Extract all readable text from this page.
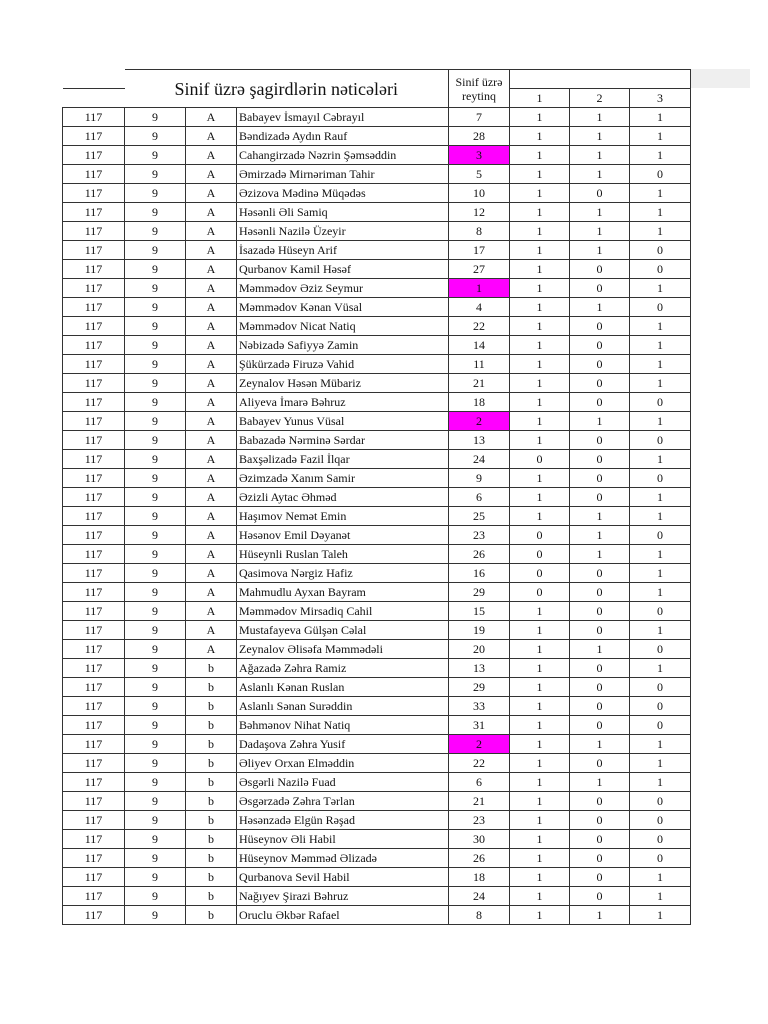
	Sinif üzrə şagirdlərin nəticələri			Sinif üzrə reytinq			
					1	2	3
117	9	A	Babayev İsmayıl Cəbrayıl	7	1	1	1
117	9	A	Bəndizadə Aydın Rauf	28	1	1	1
117	9	A	Cahangirzadə Nəzrin Şəmsəddin	3	1	1	1
117	9	A	Əmirzadə Mirnəriman Tahir	5	1	1	0
117	9	A	Əzizova Mədinə Müqədəs	10	1	0	1
117	9	A	Həsənli Əli Samiq	12	1	1	1
117	9	A	Həsənli Nazilə Üzeyir	8	1	1	1
117	9	A	İsazadə Hüseyn Arif	17	1	1	0
117	9	A	Qurbanov Kamil Həsəf	27	1	0	0
117	9	A	Məmmədov Əziz Seymur	1	1	0	1
117	9	A	Məmmədov Kənan Vüsal	4	1	1	0
117	9	A	Məmmədov Nicat Natiq	22	1	0	1
117	9	A	Nəbizadə Safiyyə Zamin	14	1	0	1
117	9	A	Şükürzadə Firuzə Vahid	11	1	0	1
117	9	A	Zeynalov Həsən Mübariz	21	1	0	1
117	9	A	Aliyeva İmarə Bəhruz	18	1	0	0
117	9	A	Babayev Yunus Vüsal	2	1	1	1
117	9	A	Babazadə Nərminə Sərdar	13	1	0	0
117	9	A	Baxşəlizadə Fazil İlqar	24	0	0	1
117	9	A	Əzimzadə Xanım Samir	9	1	0	0
117	9	A	Əzizli Aytac Əhməd	6	1	0	1
117	9	A	Haşımov Nemət Emin	25	1	1	1
117	9	A	Həsənov Emil Dəyanət	23	0	1	0
117	9	A	Hüseynli Ruslan Taleh	26	0	1	1
117	9	A	Qasimova Nərgiz Hafiz	16	0	0	1
117	9	A	Mahmudlu Ayxan Bayram	29	0	0	1
117	9	A	Məmmədov Mirsadiq Cahil	15	1	0	0
117	9	A	Mustafayeva Gülşən Cəlal	19	1	0	1
117	9	A	Zeynalov Əlisəfa Məmmədəli	20	1	1	0
117	9	b	Ağazadə Zəhra Ramiz	13	1	0	1
117	9	b	Aslanlı Kənan Ruslan	29	1	0	0
117	9	b	Aslanlı Sənan Surəddin	33	1	0	0
117	9	b	Bəhmənov Nihat Natiq	31	1	0	0
117	9	b	Dadaşova Zəhra Yusif	2	1	1	1
117	9	b	Əliyev Orxan Elməddin	22	1	0	1
117	9	b	Əsgərli Nazilə Fuad	6	1	1	1
117	9	b	Əsgərzadə Zəhra Tərlan	21	1	0	0
117	9	b	Həsənzadə Elgün Rəşad	23	1	0	0
117	9	b	Hüseynov Əli Habil	30	1	0	0
117	9	b	Hüseynov Məmməd Əlizadə	26	1	0	0
117	9	b	Qurbanova Sevil Habil	18	1	0	1
117	9	b	Nağıyev Şirazi Bəhruz	24	1	0	1
117	9	b	Oruclu Əkbər Rafael	8	1	1	1
